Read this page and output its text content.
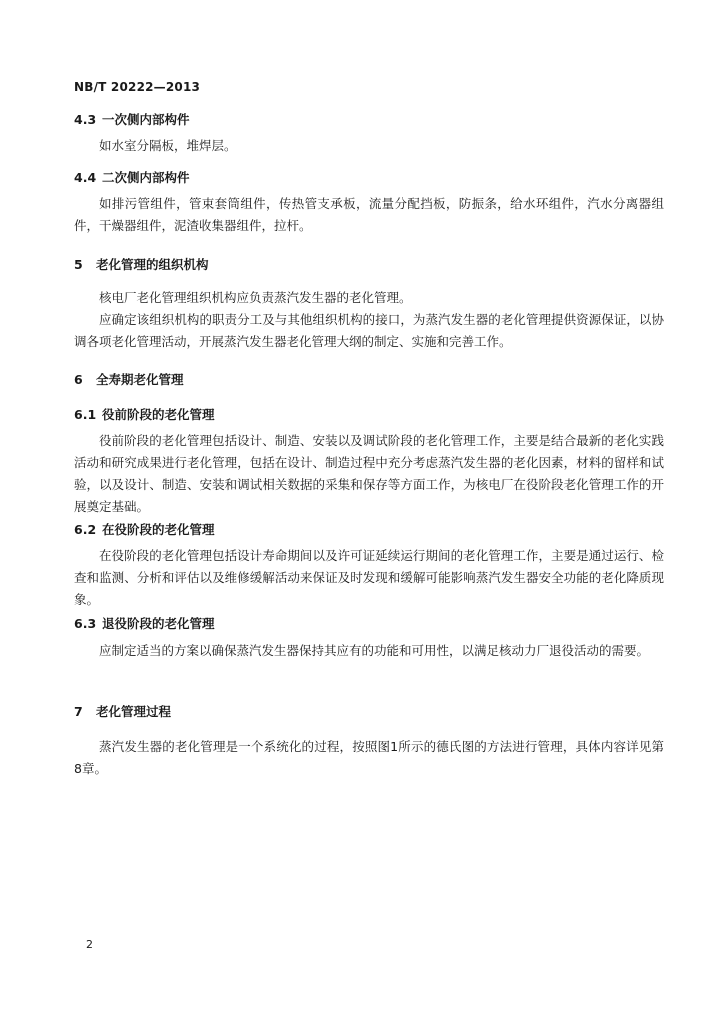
NB/T 20222—2013
4.3 一次侧内部构件
如水室分隔板，堆焊层。
4.4 二次侧内部构件
如排污管组件，管束套筒组件，传热管支承板，流量分配挡板，防振条，给水环组件，汽水分离器组件，干燥器组件，泥渣收集器组件，拉杆。
5 老化管理的组织机构
核电厂老化管理组织机构应负责蒸汽发生器的老化管理。
应确定该组织机构的职责分工及与其他组织机构的接口，为蒸汽发生器的老化管理提供资源保证，以协调各项老化管理活动，开展蒸汽发生器老化管理大纲的制定、实施和完善工作。
6 全寿期老化管理
6.1 役前阶段的老化管理
役前阶段的老化管理包括设计、制造、安装以及调试阶段的老化管理工作，主要是结合最新的老化实践活动和研究成果进行老化管理，包括在设计、制造过程中充分考虑蒸汽发生器的老化因素，材料的留样和试验，以及设计、制造、安装和调试相关数据的采集和保存等方面工作，为核电厂在役阶段老化管理工作的开展奠定基础。
6.2 在役阶段的老化管理
在役阶段的老化管理包括设计寿命期间以及许可证延续运行期间的老化管理工作，主要是通过运行、检查和监测、分析和评估以及维修缓解活动来保证及时发现和缓解可能影响蒸汽发生器安全功能的老化降质现象。
6.3 退役阶段的老化管理
应制定适当的方案以确保蒸汽发生器保持其应有的功能和可用性，以满足核动力厂退役活动的需要。
7 老化管理过程
蒸汽发生器的老化管理是一个系统化的过程，按照图1所示的德氏图的方法进行管理，具体内容详见第8章。
2
